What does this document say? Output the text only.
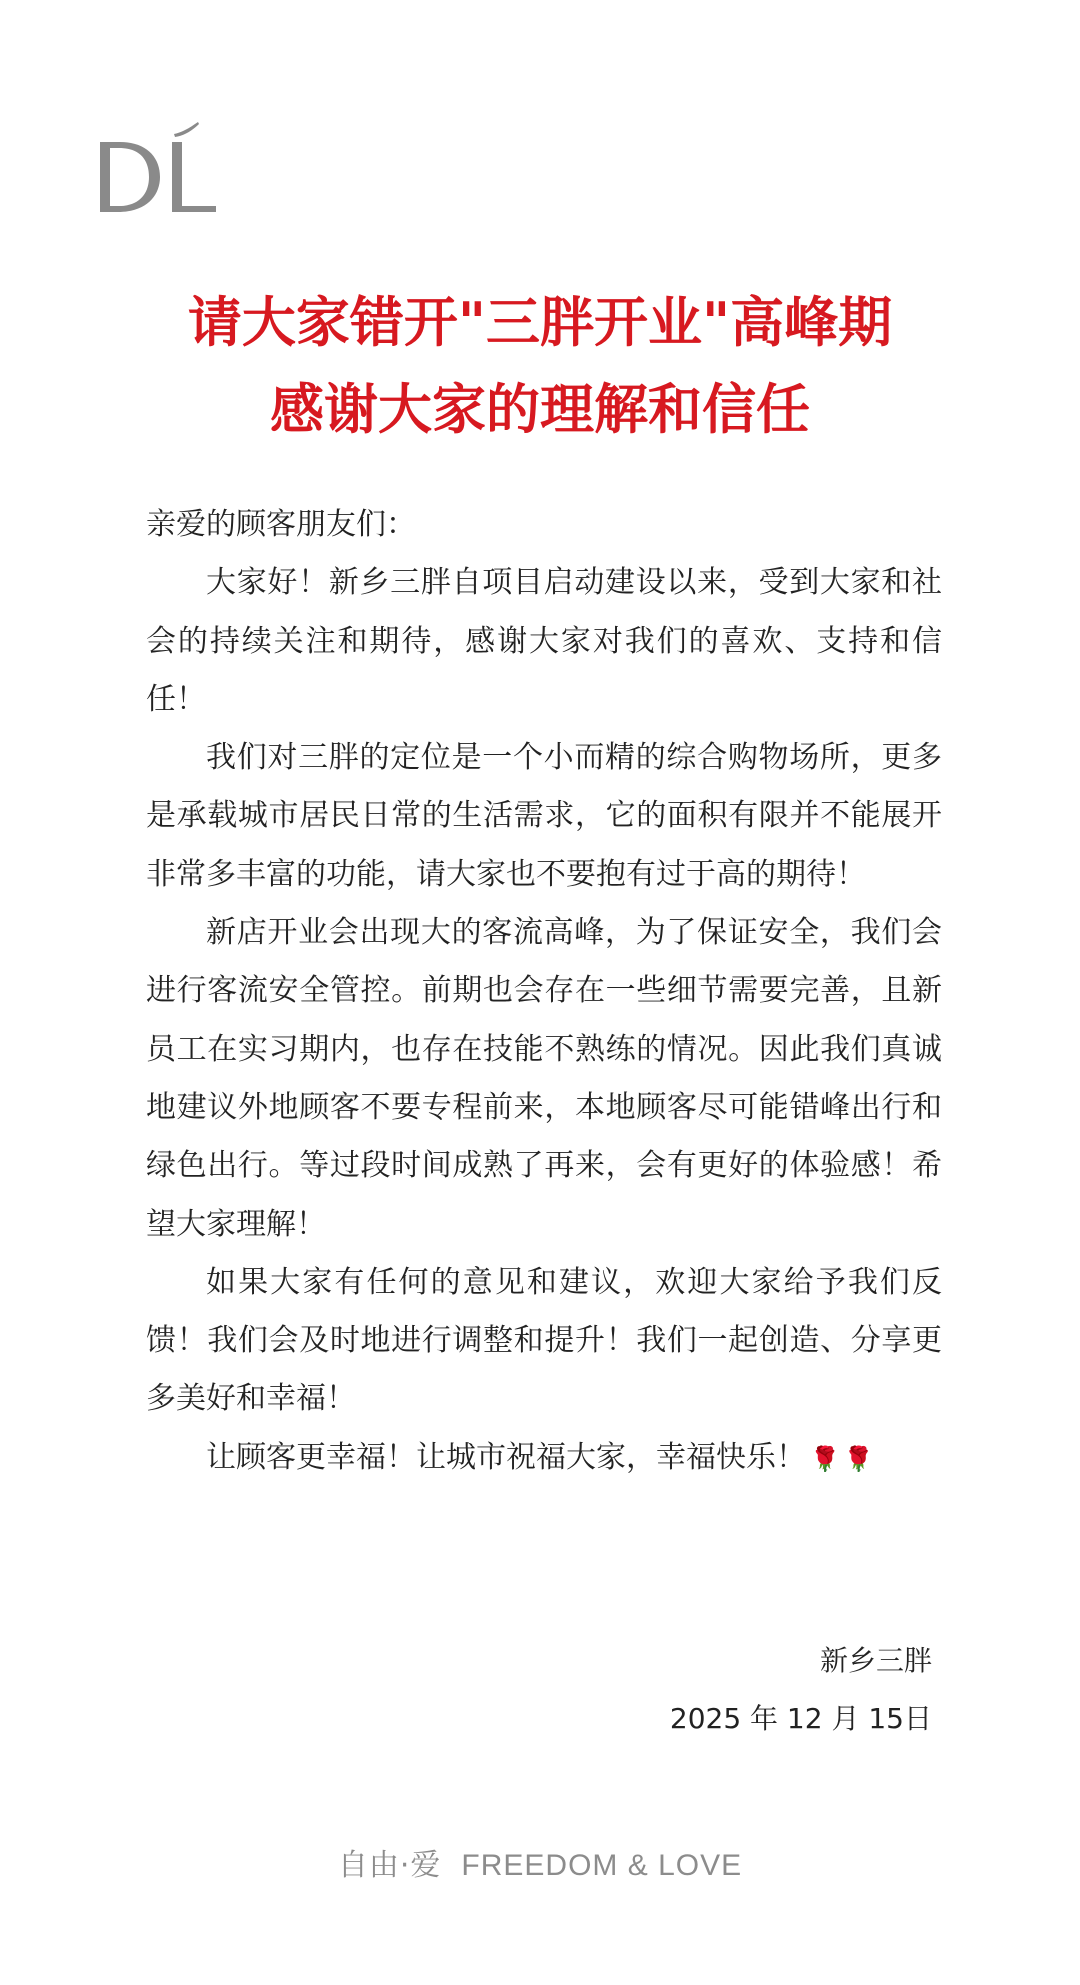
请大家错开"三胖开业"高峰期
感谢大家的理解和信任

亲爱的顾客朋友们：

大家好！新乡三胖自项目启动建设以来，受到大家和社会的持续关注和期待，感谢大家对我们的喜欢、支持和信任！

我们对三胖的定位是一个小而精的综合购物场所，更多是承载城市居民日常的生活需求，它的面积有限并不能展开非常多丰富的功能，请大家也不要抱有过于高的期待！

新店开业会出现大的客流高峰，为了保证安全，我们会进行客流安全管控。前期也会存在一些细节需要完善，且新员工在实习期内，也存在技能不熟练的情况。因此我们真诚地建议外地顾客不要专程前来，本地顾客尽可能错峰出行和绿色出行。等过段时间成熟了再来，会有更好的体验感！希望大家理解！

如果大家有任何的意见和建议，欢迎大家给予我们反馈！我们会及时地进行调整和提升！我们一起创造、分享更多美好和幸福！

让顾客更幸福！让城市祝福大家，幸福快乐！ 🌹🌹

新乡三胖
2025 年 12 月 15日
自由·爱 FREEDOM & LOVE
